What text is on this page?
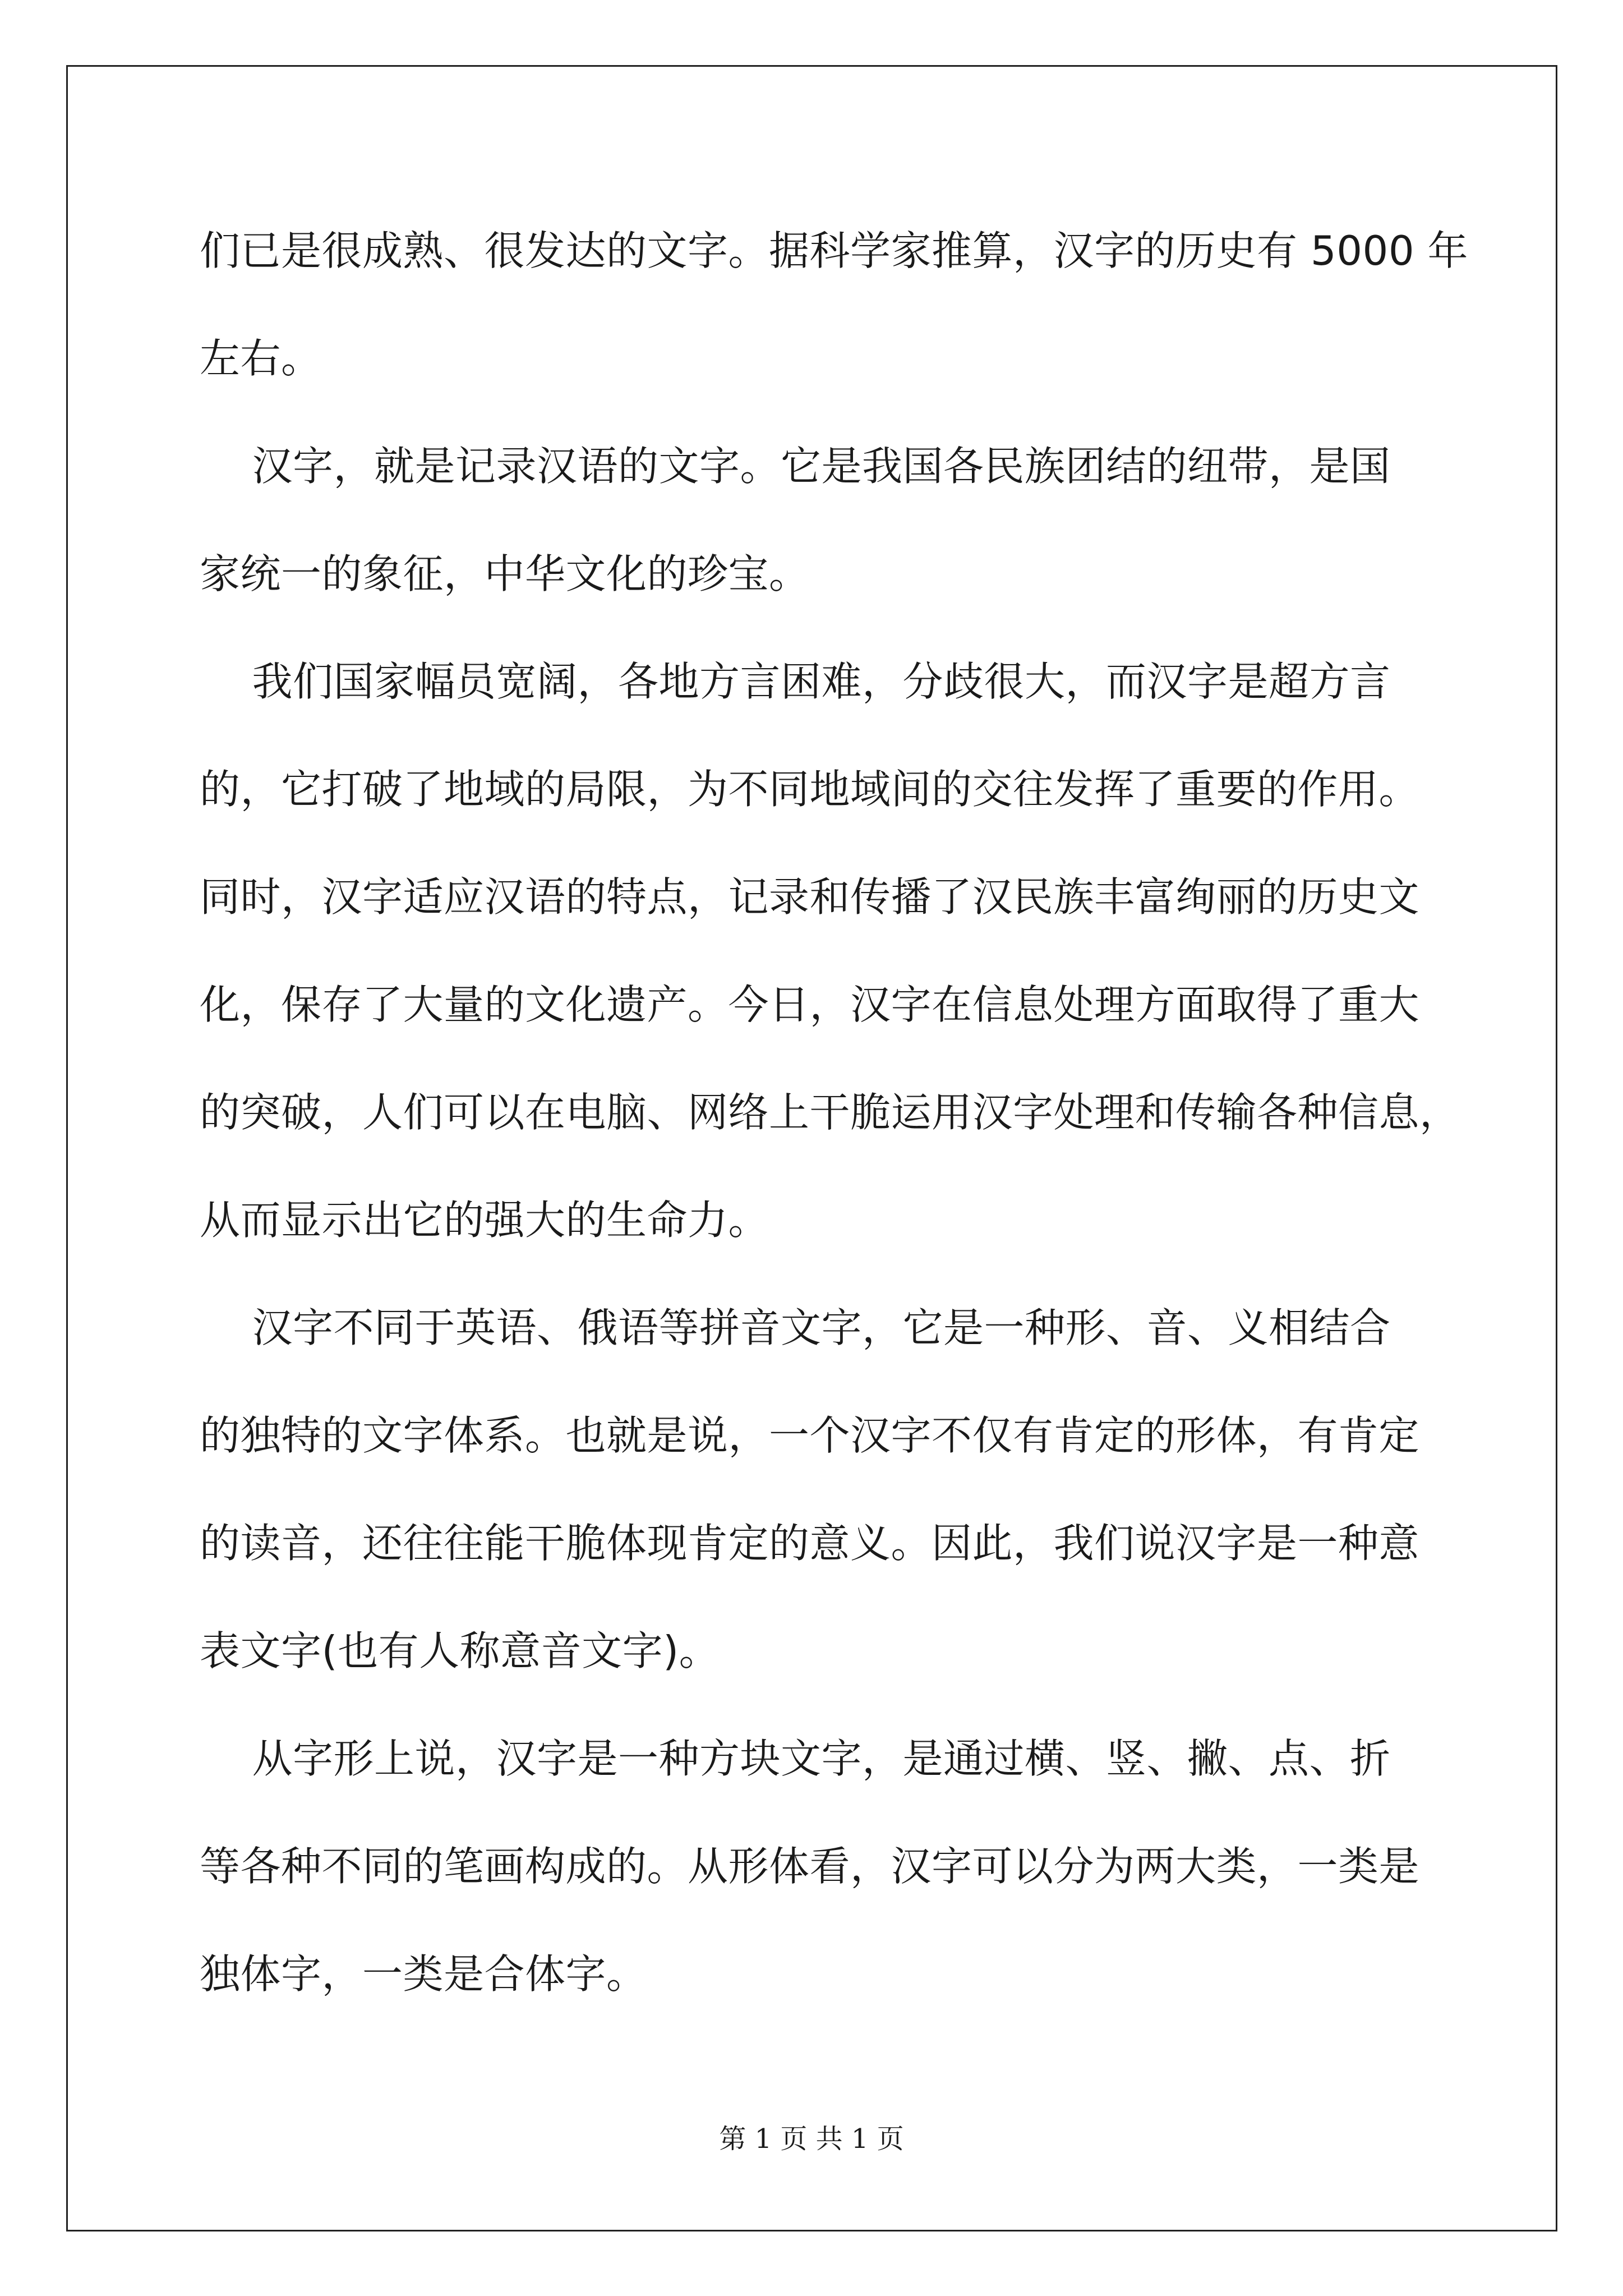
们已是很成熟、很发达的文字。据科学家推算，汉字的历史有 5000 年
左右。
汉字，就是记录汉语的文字。它是我国各民族团结的纽带，是国
家统一的象征，中华文化的珍宝。
我们国家幅员宽阔，各地方言困难，分歧很大，而汉字是超方言
的，它打破了地域的局限，为不同地域间的交往发挥了重要的作用。
同时，汉字适应汉语的特点，记录和传播了汉民族丰富绚丽的历史文
化，保存了大量的文化遗产。今日，汉字在信息处理方面取得了重大
的突破，人们可以在电脑、网络上干脆运用汉字处理和传输各种信息，
从而显示出它的强大的生命力。
汉字不同于英语、俄语等拼音文字，它是一种形、音、义相结合
的独特的文字体系。也就是说，一个汉字不仅有肯定的形体，有肯定
的读音，还往往能干脆体现肯定的意义。因此，我们说汉字是一种意
表文字(也有人称意音文字)。
从字形上说，汉字是一种方块文字，是通过横、竖、撇、点、折
等各种不同的笔画构成的。从形体看，汉字可以分为两大类，一类是
独体字，一类是合体字。
第 1 页 共 1 页
